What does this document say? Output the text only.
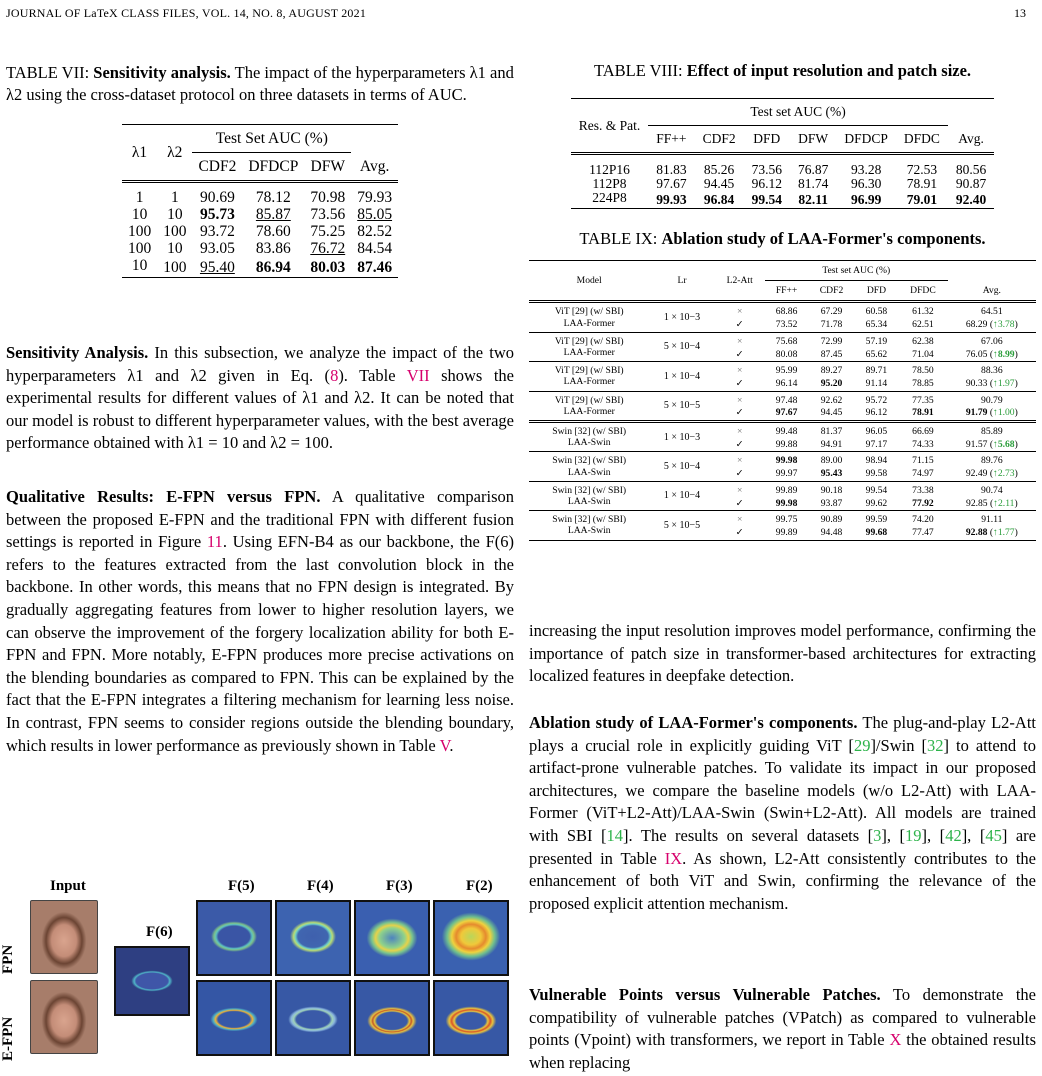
JOURNAL OF LaTeX CLASS FILES, VOL. 14, NO. 8, AUGUST 2021	13
TABLE VII: Sensitivity analysis. The impact of the hyperparameters λ1 and λ2 using the cross-dataset protocol on three datasets in terms of AUC.
λ1	λ2	Test Set AUC (%)			
		CDF2	DFDCP	DFW	Avg.
1	1	90.69	78.12	70.98	79.93
10	10	95.73	85.87	73.56	85.05
100	100	93.72	78.60	75.25	82.52
100	10	93.05	83.86	76.72	84.54
10	100	95.40	86.94	80.03	87.46
Sensitivity Analysis. In this subsection, we analyze the impact of the two hyperparameters λ1 and λ2 given in Eq. (8). Table VII shows the experimental results for different values of λ1 and λ2. It can be noted that our model is robust to different hyperparameter values, with the best average performance obtained with λ1 = 10 and λ2 = 100.
Qualitative Results: E-FPN versus FPN. A qualitative comparison between the proposed E-FPN and the traditional FPN with different fusion settings is reported in Figure 11. Using EFN-B4 as our backbone, the F(6) refers to the features extracted from the last convolution block in the backbone. In other words, this means that no FPN design is integrated. By gradually aggregating features from lower to higher resolution layers, we can observe the improvement of the forgery localization ability for both E-FPN and FPN. More notably, E-FPN produces more precise activations on the blending boundaries as compared to FPN. This can be explained by the fact that the E-FPN integrates a filtering mechanism for learning less noise. In contrast, FPN seems to consider regions outside the blending boundary, which results in lower performance as previously shown in Table V.
Input
F(6)
F(5)	F(4)	F(3)	F(2)
FPN
E-FPN
TABLE VIII: Effect of input resolution and patch size.
Res. & Pat.	Test set AUC (%)						
	FF++	CDF2	DFD	DFW	DFDCP	DFDC	Avg.
112P16	81.83	85.26	73.56	76.87	93.28	72.53	80.56
112P8	97.67	94.45	96.12	81.74	96.30	78.91	90.87
224P8	99.93	96.84	99.54	82.11	96.99	79.01	92.40
TABLE IX: Ablation study of LAA-Former's components.
Model	Lr	L2-Att	Test set AUC (%)				
			FF++	CDF2	DFD	DFDC	Avg.
ViT [29] (w/ SBI)	1 × 10−3	×	68.86	67.29	60.58	61.32	64.51
LAA-Former		✓	73.52	71.78	65.34	62.51	68.29 (↑3.78)
ViT [29] (w/ SBI)	5 × 10−4	×	75.68	72.99	57.19	62.38	67.06
LAA-Former		✓	80.08	87.45	65.62	71.04	76.05 (↑8.99)
ViT [29] (w/ SBI)	1 × 10−4	×	95.99	89.27	89.71	78.50	88.36
LAA-Former		✓	96.14	95.20	91.14	78.85	90.33 (↑1.97)
ViT [29] (w/ SBI)	5 × 10−5	×	97.48	92.62	95.72	77.35	90.79
LAA-Former		✓	97.67	94.45	96.12	78.91	91.79 (↑1.00)
Swin [32] (w/ SBI)	1 × 10−3	×	99.48	81.37	96.05	66.69	85.89
LAA-Swin		✓	99.88	94.91	97.17	74.33	91.57 (↑5.68)
Swin [32] (w/ SBI)	5 × 10−4	×	99.98	89.00	98.94	71.15	89.76
LAA-Swin		✓	99.97	95.43	99.58	74.97	92.49 (↑2.73)
Swin [32] (w/ SBI)	1 × 10−4	×	99.89	90.18	99.54	73.38	90.74
LAA-Swin		✓	99.98	93.87	99.62	77.92	92.85 (↑2.11)
Swin [32] (w/ SBI)	5 × 10−5	×	99.75	90.89	99.59	74.20	91.11
LAA-Swin		✓	99.89	94.48	99.68	77.47	92.88 (↑1.77)
increasing the input resolution improves model performance, confirming the importance of patch size in transformer-based architectures for extracting localized features in deepfake detection.
Ablation study of LAA-Former's components. The plug-and-play L2-Att plays a crucial role in explicitly guiding ViT [29]/Swin [32] to attend to artifact-prone vulnerable patches. To validate its impact in our proposed architectures, we compare the baseline models (w/o L2-Att) with LAA-Former (ViT+L2-Att)/LAA-Swin (Swin+L2-Att). All models are trained with SBI [14]. The results on several datasets [3], [19], [42], [45] are presented in Table IX. As shown, L2-Att consistently contributes to the enhancement of both ViT and Swin, confirming the relevance of the proposed explicit attention mechanism.
Vulnerable Points versus Vulnerable Patches. To demonstrate the compatibility of vulnerable patches (VPatch) as compared to vulnerable points (Vpoint) with transformers, we report in Table X the obtained results when replacing
